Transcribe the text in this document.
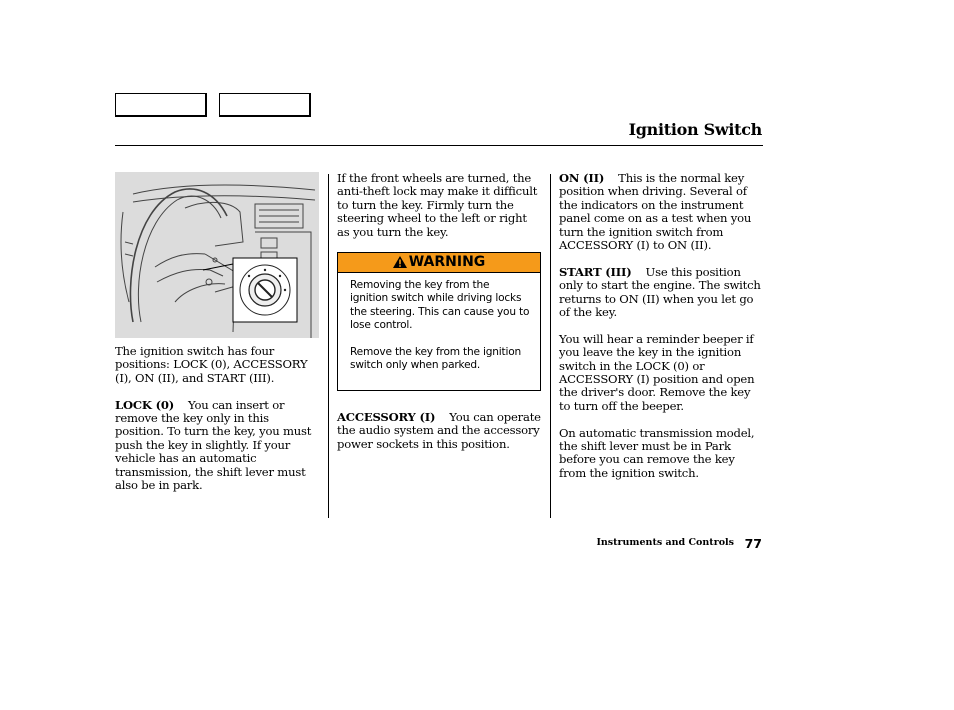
Ignition Switch

The ignition switch has four positions: LOCK (0), ACCESSORY (I), ON (II), and START (III).

LOCK (0) You can insert or remove the key only in this position. To turn the key, you must push the key in slightly. If your vehicle has an automatic transmission, the shift lever must also be in park.

If the front wheels are turned, the anti-theft lock may make it difficult to turn the key. Firmly turn the steering wheel to the left or right as you turn the key.

WARNING

Removing the key from the ignition switch while driving locks the steering. This can cause you to lose control.

Remove the key from the ignition switch only when parked.

ACCESSORY (I) You can operate the audio system and the accessory power sockets in this position.

ON (II) This is the normal key position when driving. Several of the indicators on the instrument panel come on as a test when you turn the ignition switch from ACCESSORY (I) to ON (II).

START (III) Use this position only to start the engine. The switch returns to ON (II) when you let go of the key.

You will hear a reminder beeper if you leave the key in the ignition switch in the LOCK (0) or ACCESSORY (I) position and open the driver's door. Remove the key to turn off the beeper.

On automatic transmission model, the shift lever must be in Park before you can remove the key from the ignition switch.

Instruments and Controls 77
